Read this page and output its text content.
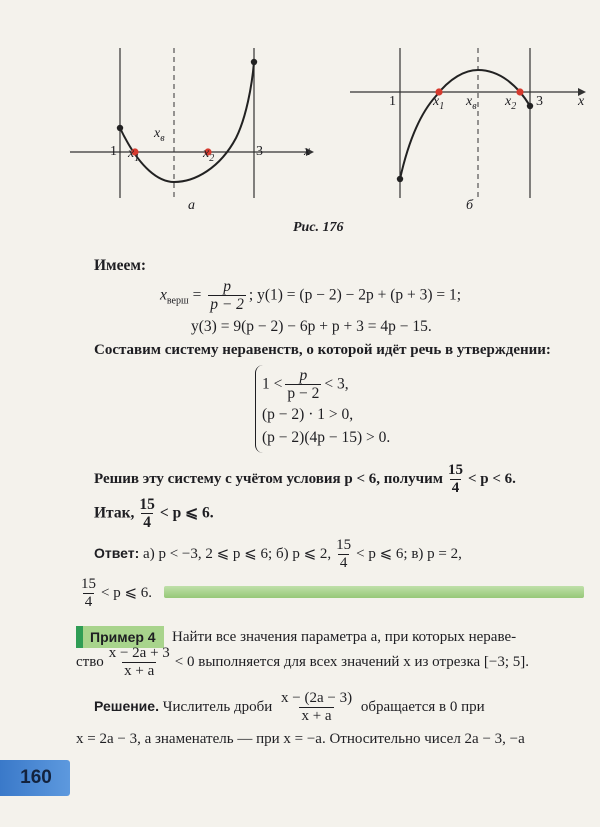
1 $x_1$
$x_в$
$x_2$	3	x
а
1	$x_1$ $x_в$ $x_2$ 3	x
б
Рис. 176
Имеем:
$x_{верш} = \frac{p}{p - 2}$ ; y(1) = (p − 2) − 2p + (p + 3) = 1;
y(3) = 9(p − 2) − 6p + p + 3 = 4p − 15.
Составим систему неравенств, о которой идёт речь в утверждении:
$1 < \frac{p}{p - 2} < 3$,
(p − 2) · 1 > 0,
(p − 2)(4p − 15) > 0.
Решив эту систему с учётом условия p < 6, получим $\frac{15}{4} < p < 6$.
Итак, $\frac{15}{4} < p$ ⩽ 6.
Ответ: а) p < −3, 2 ⩽ p ⩽ 6; б) p ⩽ 2, $\frac{15}{4} < p$ ⩽ 6; в) p = 2,
$\frac{15}{4} < p$ ⩽ 6.
Пример 4	Найти все значения параметра a, при которых нераве-
ство $\frac{x - 2a + 3}{x + a} < 0$ выполняется для всех значений x из отрезка [−3; 5].
Решение. Числитель дроби $\frac{x - (2a - 3)}{x + a}$ обращается в 0 при
x = 2a − 3, а знаменатель — при x = −a. Относительно чисел 2a − 3, −a
160
